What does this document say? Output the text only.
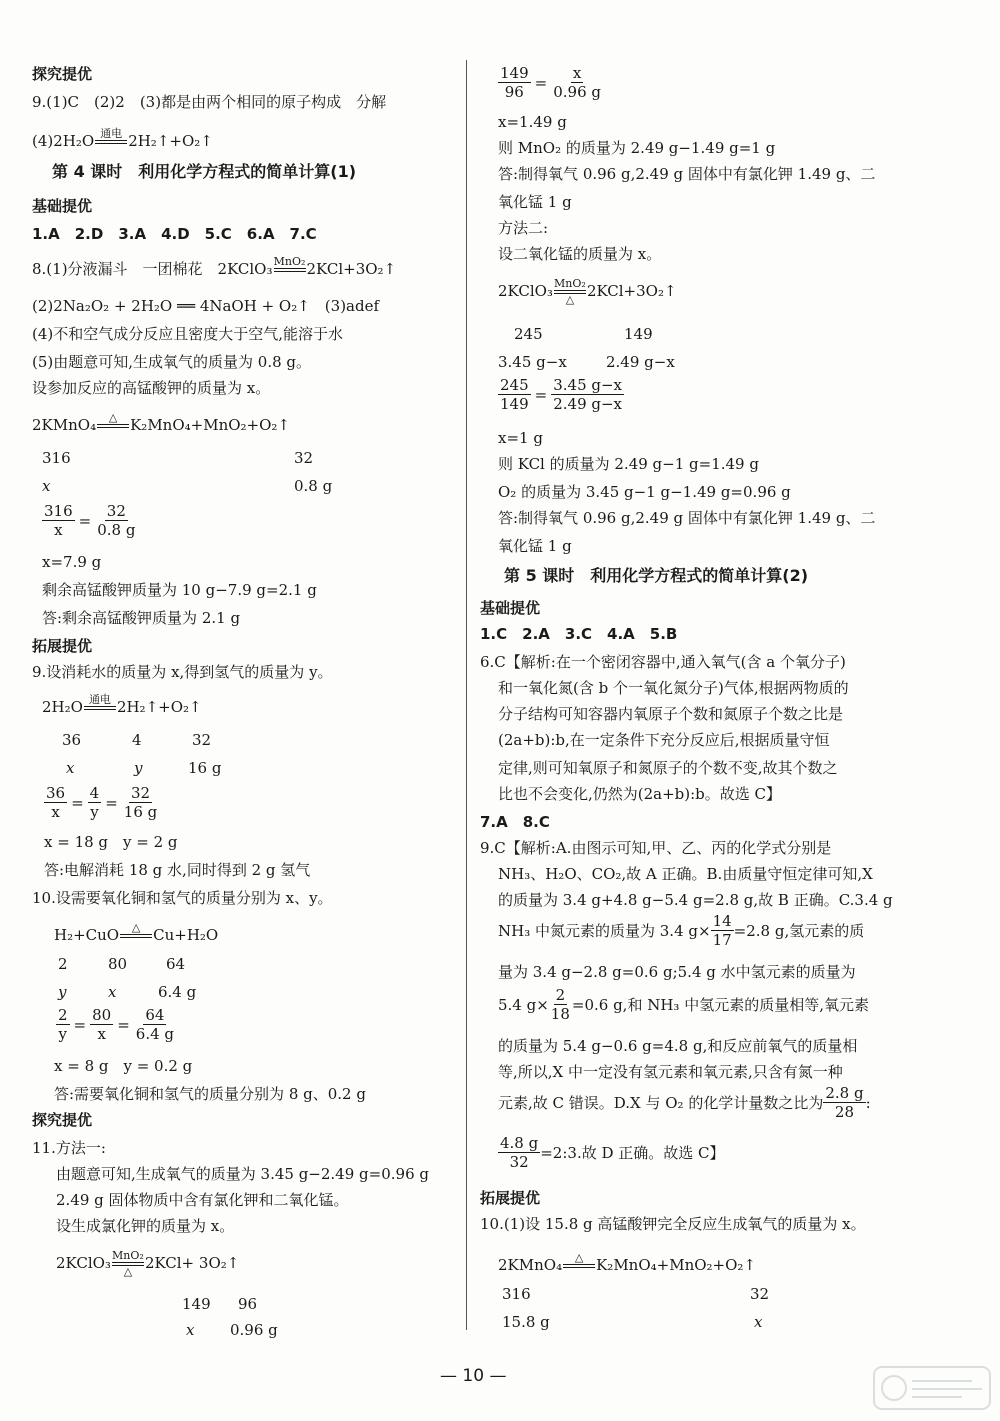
探究提优
9.(1)C　(2)2　(3)都是由两个相同的原子构成　分解
(4)2H₂O 通电
2H₂↑+O₂↑
第 4 课时　利用化学方程式的简单计算(1)
基础提优
1.A　2.D　3.A　4.D　5.C　6.A　7.C
8.(1)分液漏斗　一团棉花　2KClO₃ MnO₂
2KCl+3O₂↑
(2)2Na₂O₂ + 2H₂O ══ 4NaOH + O₂↑　(3)adef
(4)不和空气成分反应且密度大于空气,能溶于水
(5)由题意可知,生成氧气的质量为 0.8 g。
设参加反应的高锰酸钾的质量为 x。
2KMnO₄ △
K₂MnO₄+MnO₂+O₂↑
316	32
x	0.8 g
$\frac{316}{x} = \frac{32}{0.8 g}$
x=7.9 g
剩余高锰酸钾质量为 10 g−7.9 g=2.1 g
答:剩余高锰酸钾质量为 2.1 g
拓展提优
9.设消耗水的质量为 x,得到氢气的质量为 y。
2H₂O 通电
2H₂↑+O₂↑
36	4	32
x	y	16 g
$\frac{36}{x} = \frac{4}{y} = \frac{32}{16 g}$
x = 18 g　y = 2 g
答:电解消耗 18 g 水,同时得到 2 g 氢气
10.设需要氧化铜和氢气的质量分别为 x、y。
H₂+CuO △
Cu+H₂O
2	80	64
y	x	6.4 g
$\frac{2}{y} = \frac{80}{x} = \frac{64}{6.4 g}$
x = 8 g　y = 0.2 g
答:需要氧化铜和氢气的质量分别为 8 g、0.2 g
探究提优
11.方法一:
由题意可知,生成氧气的质量为 3.45 g−2.49 g=0.96 g
2.49 g 固体物质中含有氯化钾和二氧化锰。
设生成氯化钾的质量为 x。
2KClO₃ MnO₂
△ 2KCl+ 3O₂↑
149 96
x 0.96 g
$\frac{149}{96} = \frac{x}{0.96 g}$
x=1.49 g
则 MnO₂ 的质量为 2.49 g−1.49 g=1 g
答:制得氧气 0.96 g,2.49 g 固体中有氯化钾 1.49 g、二
氧化锰 1 g
方法二:
设二氧化锰的质量为 x。
2KClO₃ MnO₂
△ 2KCl+3O₂↑
245	149
3.45 g−x	2.49 g−x
$\frac{245}{149} = \frac{3.45 g-x}{2.49 g-x}$
x=1 g
则 KCl 的质量为 2.49 g−1 g=1.49 g
O₂ 的质量为 3.45 g−1 g−1.49 g=0.96 g
答:制得氧气 0.96 g,2.49 g 固体中有氯化钾 1.49 g、二
氧化锰 1 g
第 5 课时　利用化学方程式的简单计算(2)
基础提优
1.C　2.A　3.C　4.A　5.B
6.C【解析:在一个密闭容器中,通入氧气(含 a 个氧分子)
和一氧化氮(含 b 个一氧化氮分子)气体,根据两物质的
分子结构可知容器内氧原子个数和氮原子个数之比是
(2a+b):b,在一定条件下充分反应后,根据质量守恒
定律,则可知氧原子和氮原子的个数不变,故其个数之
比也不会变化,仍然为(2a+b):b。故选 C】
7.A　8.C
9.C【解析:A.由图示可知,甲、乙、丙的化学式分别是
NH₃、H₂O、CO₂,故 A 正确。B.由质量守恒定律可知,X
的质量为 3.4 g+4.8 g−5.4 g=2.8 g,故 B 正确。C.3.4 g
NH₃ 中氮元素的质量为 3.4 $g\times \frac{14}{17} =2.8$ g,氢元素的质
量为 3.4 g−2.8 g=0.6 g;5.4 g 水中氢元素的质量为
5.4 $g\times \frac{2}{18} =0.6$ g,和 NH₃ 中氢元素的质量相等,氧元素
的质量为 5.4 g−0.6 g=4.8 g,和反应前氧气的质量相
等,所以,X 中一定没有氢元素和氧元素,只含有氮一种
元素,故 C 错误。D.X 与 O₂ 的化学计量数之比为
2.8 g
28
:
$\frac{4.8 g}{32}$ =2:3.故 D 正确。故选 C】
拓展提优
10.(1)设 15.8 g 高锰酸钾完全反应生成氧气的质量为 x。
2KMnO₄ △
K₂MnO₄+MnO₂+O₂↑
316	32
15.8 g	x
— 10 —
